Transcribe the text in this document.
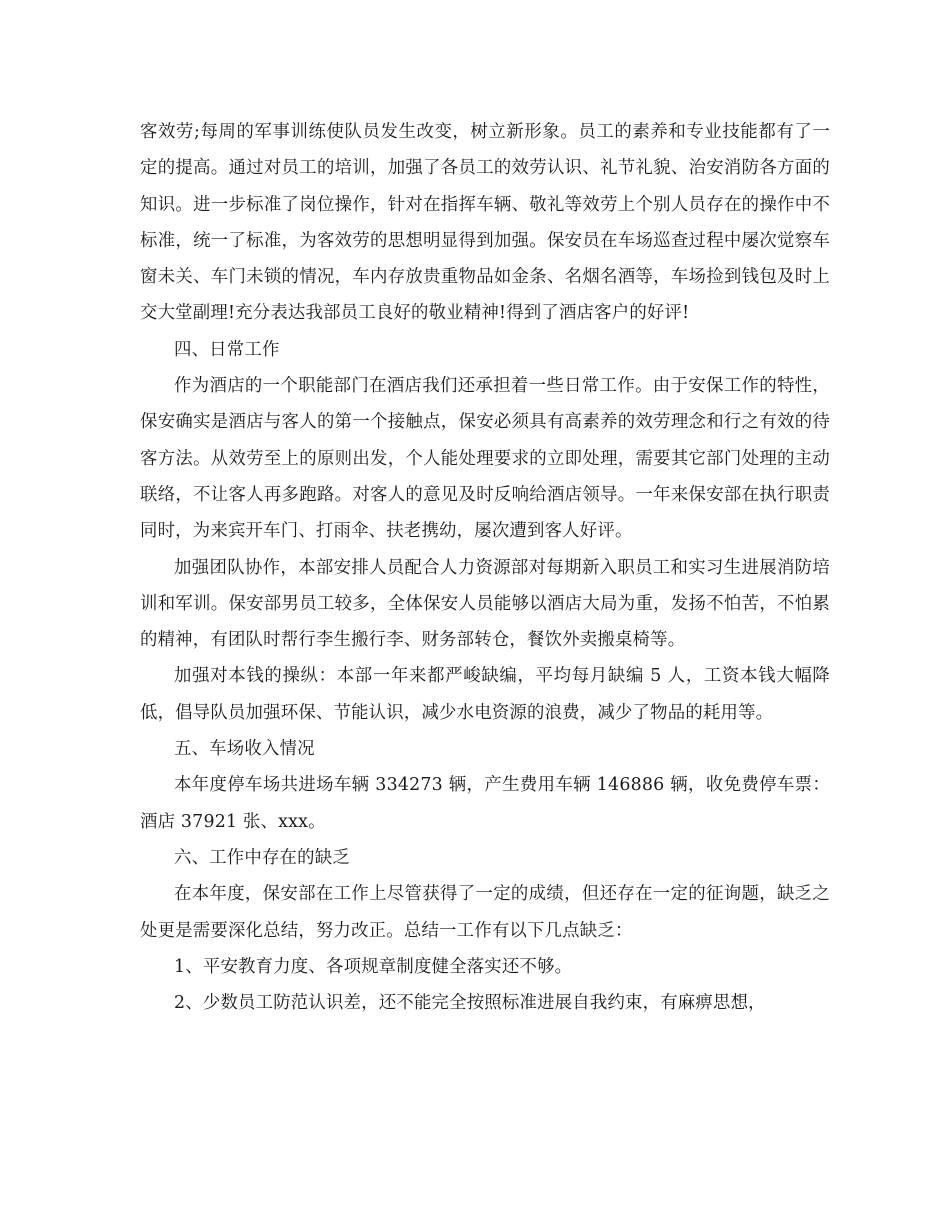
客效劳;每周的军事训练使队员发生改变，树立新形象。员工的素养和专业技能都有了一定的提高。通过对员工的培训，加强了各员工的效劳认识、礼节礼貌、治安消防各方面的知识。进一步标准了岗位操作，针对在指挥车辆、敬礼等效劳上个别人员存在的操作中不标准，统一了标准，为客效劳的思想明显得到加强。保安员在车场巡查过程中屡次觉察车窗未关、车门未锁的情况，车内存放贵重物品如金条、名烟名酒等，车场捡到钱包及时上交大堂副理!充分表达我部员工良好的敬业精神!得到了酒店客户的好评!

四、日常工作

作为酒店的一个职能部门在酒店我们还承担着一些日常工作。由于安保工作的特性，保安确实是酒店与客人的第一个接触点，保安必须具有高素养的效劳理念和行之有效的待客方法。从效劳至上的原则出发，个人能处理要求的立即处理，需要其它部门处理的主动联络，不让客人再多跑路。对客人的意见及时反响给酒店领导。一年来保安部在执行职责同时，为来宾开车门、打雨伞、扶老携幼，屡次遭到客人好评。

加强团队协作，本部安排人员配合人力资源部对每期新入职员工和实习生进展消防培训和军训。保安部男员工较多，全体保安人员能够以酒店大局为重，发扬不怕苦，不怕累的精神，有团队时帮行李生搬行李、财务部转仓，餐饮外卖搬桌椅等。

加强对本钱的操纵：本部一年来都严峻缺编，平均每月缺编 5 人，工资本钱大幅降低，倡导队员加强环保、节能认识，减少水电资源的浪费，减少了物品的耗用等。

五、车场收入情况

本年度停车场共进场车辆 334273 辆，产生费用车辆 146886 辆，收免费停车票：酒店 37921 张、xxx。

六、工作中存在的缺乏

在本年度，保安部在工作上尽管获得了一定的成绩，但还存在一定的征询题，缺乏之处更是需要深化总结，努力改正。总结一工作有以下几点缺乏：

1、平安教育力度、各项规章制度健全落实还不够。

2、少数员工防范认识差，还不能完全按照标准进展自我约束，有麻痹思想，
